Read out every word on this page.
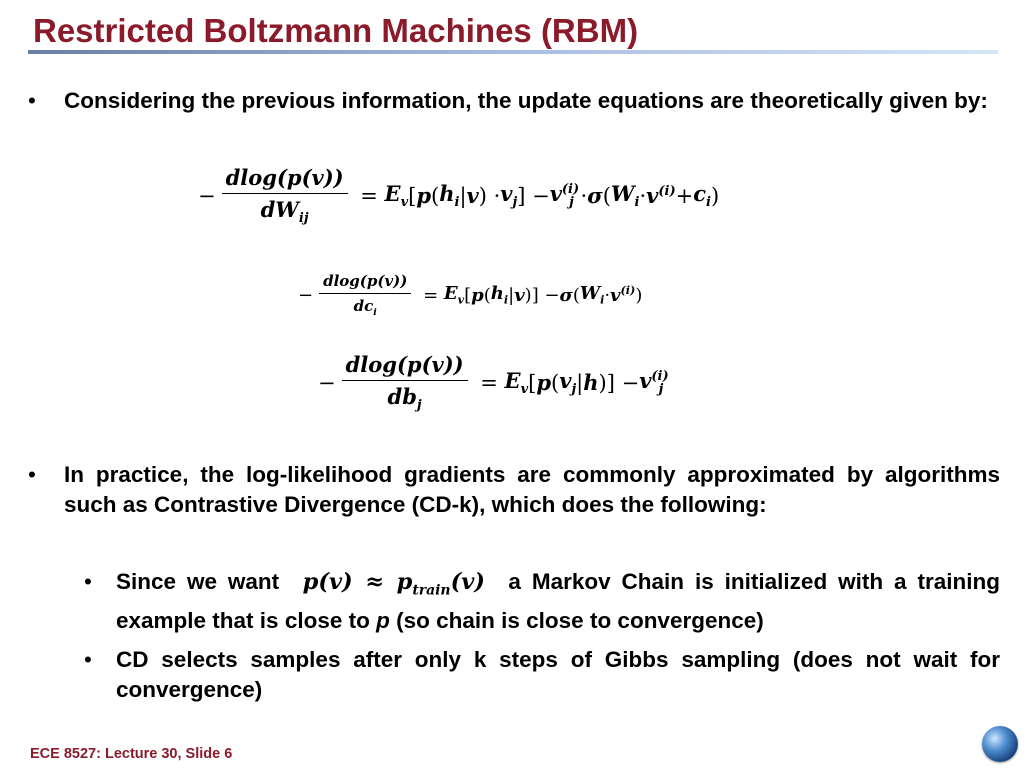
Restricted Boltzmann Machines (RBM)
• Considering the previous information, the update equations are theoretically given by:
− $\frac{dlog(p(v))}{dW_{ij}} = E_v$ [ p ( $h_i$ | v ) · $v_j$ ] − $v^{(i)}_j \cdot \sigma$ ( $W_i \cdot v^{(i)} + c_i$ )
− $\frac{dlog(p(v))}{dc_i} = E_v$ [ p ( $h_i$ | v )] − σ ( $W_i \cdot v^{(i)}$ )
− $\frac{dlog(p(v))}{db_j} = E_v$ [ p ( $v_j$ | h )] − $v^{(i)}_j$
• In practice, the log-likelihood gradients are commonly approximated by algorithms such as Contrastive Divergence (CD-k), which does the following:
• Since we want  $p(v) \approx p_{train}(v)$  a Markov Chain is initialized with a training example that is close to p (so chain is close to convergence)
• CD selects samples after only k steps of Gibbs sampling (does not wait for convergence)
ECE 8527: Lecture 30, Slide 6
